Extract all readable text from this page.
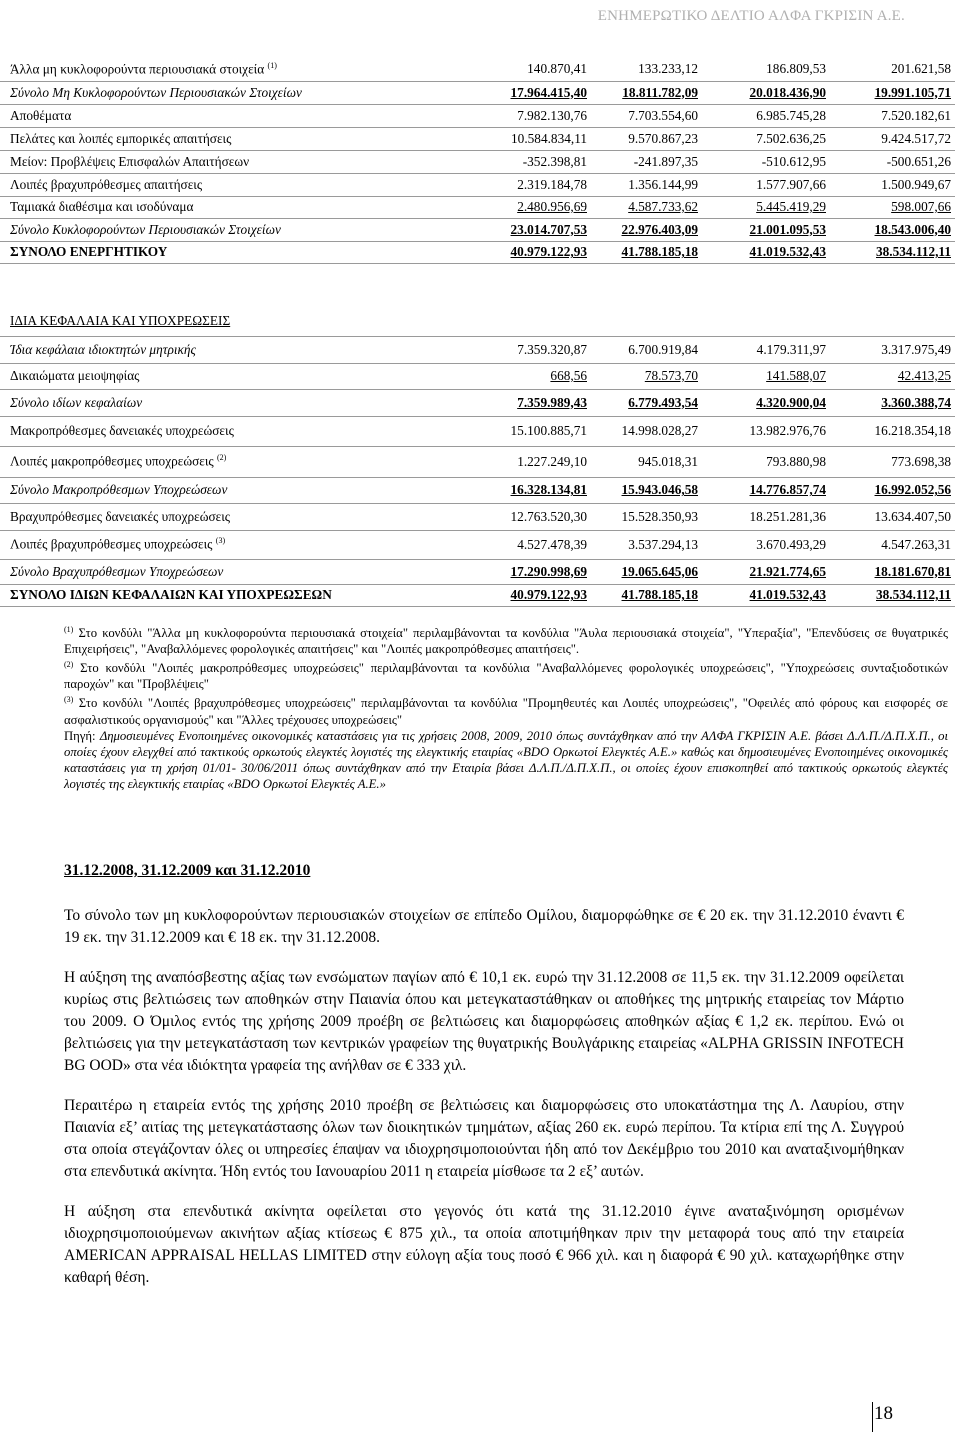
ΕΝΗΜΕΡΩΤΙΚΟ ΔΕΛΤΙΟ ΑΛΦΑ ΓΚΡΙΣΙΝ Α.Ε.
Άλλα μη κυκλοφορούντα περιουσιακά στοιχεία $^{(1)}$	140.870,41	133.233,12	186.809,53	201.621,58
Σύνολο Μη Κυκλοφορούντων Περιουσιακών Στοιχείων	17.964.415,40	18.811.782,09	20.018.436,90	19.991.105,71
Αποθέματα	7.982.130,76	7.703.554,60	6.985.745,28	7.520.182,61
Πελάτες και λοιπές εμπορικές απαιτήσεις	10.584.834,11	9.570.867,23	7.502.636,25	9.424.517,72
Μείον: Προβλέψεις Επισφαλών Απαιτήσεων	-352.398,81	-241.897,35	-510.612,95	-500.651,26
Λοιπές βραχυπρόθεσμες απαιτήσεις	2.319.184,78	1.356.144,99	1.577.907,66	1.500.949,67
Ταμιακά διαθέσιμα και ισοδύναμα	2.480.956,69	4.587.733,62	5.445.419,29	598.007,66
Σύνολο Κυκλοφορούντων Περιουσιακών Στοιχείων	23.014.707,53	22.976.403,09	21.001.095,53	18.543.006,40
ΣΥΝΟΛΟ ΕΝΕΡΓΗΤΙΚΟΥ	40.979.122,93	41.788.185,18	41.019.532,43	38.534.112,11

ΙΔΙΑ ΚΕΦΑΛΑΙΑ ΚΑΙ ΥΠΟΧΡΕΩΣΕΙΣ				
Ίδια κεφάλαια ιδιοκτητών μητρικής	7.359.320,87	6.700.919,84	4.179.311,97	3.317.975,49
Δικαιώματα μειοψηφίας	668,56	78.573,70	141.588,07	42.413,25
Σύνολο ιδίων κεφαλαίων	7.359.989,43	6.779.493,54	4.320.900,04	3.360.388,74
Μακροπρόθεσμες δανειακές υποχρεώσεις	15.100.885,71	14.998.028,27	13.982.976,76	16.218.354,18
Λοιπές μακροπρόθεσμες υποχρεώσεις $^{(2)}$	1.227.249,10	945.018,31	793.880,98	773.698,38
Σύνολο Μακροπρόθεσμων Υποχρεώσεων	16.328.134,81	15.943.046,58	14.776.857,74	16.992.052,56
Βραχυπρόθεσμες δανειακές υποχρεώσεις	12.763.520,30	15.528.350,93	18.251.281,36	13.634.407,50
Λοιπές βραχυπρόθεσμες υποχρεώσεις $^{(3)}$	4.527.478,39	3.537.294,13	3.670.493,29	4.547.263,31
Σύνολο Βραχυπρόθεσμων Υποχρεώσεων	17.290.998,69	19.065.645,06	21.921.774,65	18.181.670,81
ΣΥΝΟΛΟ ΙΔΙΩΝ ΚΕΦΑΛΑΙΩΝ ΚΑΙ ΥΠΟΧΡΕΩΣΕΩΝ	40.979.122,93	41.788.185,18	41.019.532,43	38.534.112,11

$^{(1)}$ Στο κονδύλι "Άλλα μη κυκλοφορούντα περιουσιακά στοιχεία" περιλαμβάνονται τα κονδύλια "Άυλα περιουσιακά στοιχεία", "Υπεραξία", "Επενδύσεις σε θυγατρικές Επιχειρήσεις", "Αναβαλλόμενες φορολογικές απαιτήσεις" και "Λοιπές μακροπρόθεσμες απαιτήσεις".

$^{(2)}$ Στο κονδύλι "Λοιπές μακροπρόθεσμες υποχρεώσεις" περιλαμβάνονται τα κονδύλια "Αναβαλλόμενες φορολογικές υποχρεώσεις", "Υποχρεώσεις συνταξιοδοτικών παροχών" και "Προβλέψεις"

$^{(3)}$ Στο κονδύλι "Λοιπές βραχυπρόθεσμες υποχρεώσεις" περιλαμβάνονται τα κονδύλια "Προμηθευτές και Λοιπές υποχρεώσεις", "Οφειλές από φόρους και εισφορές σε ασφαλιστικούς οργανισμούς" και "Άλλες τρέχουσες υποχρεώσεις"

Πηγή: Δημοσιευμένες Ενοποιημένες οικονομικές καταστάσεις για τις χρήσεις 2008, 2009, 2010 όπως συντάχθηκαν από την ΑΛΦΑ ΓΚΡΙΣΙΝ Α.Ε. βάσει Δ.Λ.Π./Δ.Π.Χ.Π., οι οποίες έχουν ελεγχθεί από τακτικούς ορκωτούς ελεγκτές λογιστές της ελεγκτικής εταιρίας «BDO Ορκωτοί Ελεγκτές Α.Ε.» καθώς και δημοσιευμένες Ενοποιημένες οικονομικές καταστάσεις για τη χρήση 01/01- 30/06/2011 όπως συντάχθηκαν από την Εταιρία βάσει Δ.Λ.Π./Δ.Π.Χ.Π., οι οποίες έχουν επισκοπηθεί από τακτικούς ορκωτούς ελεγκτές λογιστές της ελεγκτικής εταιρίας «BDO Ορκωτοί Ελεγκτές Α.Ε.»

31.12.2008, 31.12.2009 και 31.12.2010

Το σύνολο των μη κυκλοφορούντων περιουσιακών στοιχείων σε επίπεδο Ομίλου, διαμορφώθηκε σε € 20 εκ. την 31.12.2010 έναντι € 19 εκ. την 31.12.2009 και € 18 εκ. την 31.12.2008.

Η αύξηση της αναπόσβεστης αξίας των ενσώματων παγίων από € 10,1 εκ. ευρώ την 31.12.2008 σε 11,5 εκ. την 31.12.2009 οφείλεται κυρίως στις βελτιώσεις των αποθηκών στην Παιανία όπου και μετεγκαταστάθηκαν οι αποθήκες της μητρικής εταιρείας τον Μάρτιο του 2009. Ο Όμιλος εντός της χρήσης 2009 προέβη σε βελτιώσεις και διαμορφώσεις αποθηκών αξίας € 1,2 εκ. περίπου. Ενώ οι βελτιώσεις για την μετεγκατάσταση των κεντρικών γραφείων της θυγατρικής Βουλγάρικης εταιρείας «ALPHA GRISSIN INFOTECH BG OOD» στα νέα ιδιόκτητα γραφεία της ανήλθαν σε € 333 χιλ.

Περαιτέρω η εταιρεία εντός της χρήσης 2010 προέβη σε βελτιώσεις και διαμορφώσεις στο υποκατάστημα της Λ. Λαυρίου, στην Παιανία εξ’ αιτίας της μετεγκατάστασης όλων των διοικητικών τμημάτων, αξίας 260 εκ. ευρώ περίπου. Τα κτίρια επί της Λ. Συγγρού στα οποία στεγάζονταν όλες οι υπηρεσίες έπαψαν να ιδιοχρησιμοποιούνται ήδη από τον Δεκέμβριο του 2010 και αναταξινομήθηκαν στα επενδυτικά ακίνητα. Ήδη εντός του Ιανουαρίου 2011 η εταιρεία μίσθωσε τα 2 εξ’ αυτών.

Η αύξηση στα επενδυτικά ακίνητα οφείλεται στο γεγονός ότι κατά της 31.12.2010 έγινε αναταξινόμηση ορισμένων ιδιοχρησιμοποιούμενων ακινήτων αξίας κτίσεως € 875 χιλ., τα οποία αποτιμήθηκαν πριν την μεταφορά τους από την εταιρεία AMERICAN APPRAISAL HELLAS LIMITED στην εύλογη αξία τους ποσό € 966 χιλ. και η διαφορά € 90 χιλ. καταχωρήθηκε στην καθαρή θέση.

18
